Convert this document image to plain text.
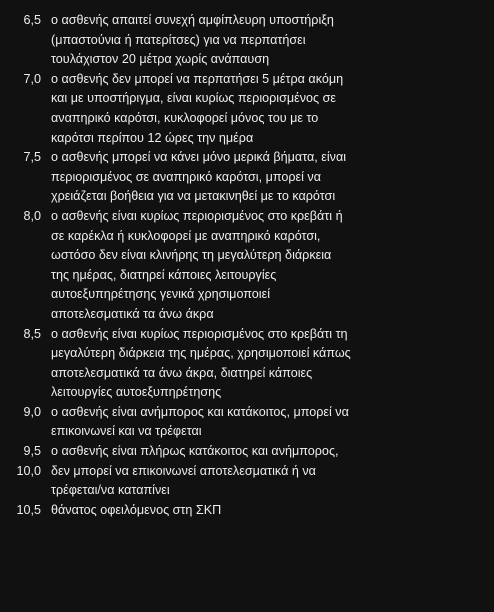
6,5 ο ασθενής απαιτεί συνεχή αμφίπλευρη υποστήριξη
(μπαστούνια ή πατερίτσες) για να περπατήσει
τουλάχιστον 20 μέτρα χωρίς ανάπαυση
7,0 ο ασθενής δεν μπορεί να περπατήσει 5 μέτρα ακόμη
και με υποστήριγμα, είναι κυρίως περιορισμένος σε
αναπηρικό καρότσι, κυκλοφορεί μόνος του με το
καρότσι περίπου 12 ώρες την ημέρα
7,5 ο ασθενής μπορεί να κάνει μόνο μερικά βήματα, είναι
περιορισμένος σε αναπηρικό καρότσι, μπορεί να
χρειάζεται βοήθεια για να μετακινηθεί με το καρότσι
8,0 ο ασθενής είναι κυρίως περιορισμένος στο κρεβάτι ή
σε καρέκλα ή κυκλοφορεί με αναπηρικό καρότσι,
ωστόσο δεν είναι κλινήρης τη μεγαλύτερη διάρκεια
της ημέρας, διατηρεί κάποιες λειτουργίες
αυτοεξυπηρέτησης γενικά χρησιμοποιεί
αποτελεσματικά τα άνω άκρα
8,5 ο ασθενής είναι κυρίως περιορισμένος στο κρεβάτι τη
μεγαλύτερη διάρκεια της ημέρας, χρησιμοποιεί κάπως
αποτελεσματικά τα άνω άκρα, διατηρεί κάποιες
λειτουργίες αυτοεξυπηρέτησης
9,0 ο ασθενής είναι ανήμπορος και κατάκοιτος, μπορεί να
επικοινωνεί και να τρέφεται
9,5 ο ασθενής είναι πλήρως κατάκοιτος και ανήμπορος,
10,0 δεν μπορεί να επικοινωνεί αποτελεσματικά ή να
τρέφεται/να καταπίνει
10,5 θάνατος οφειλόμενος στη ΣΚΠ
